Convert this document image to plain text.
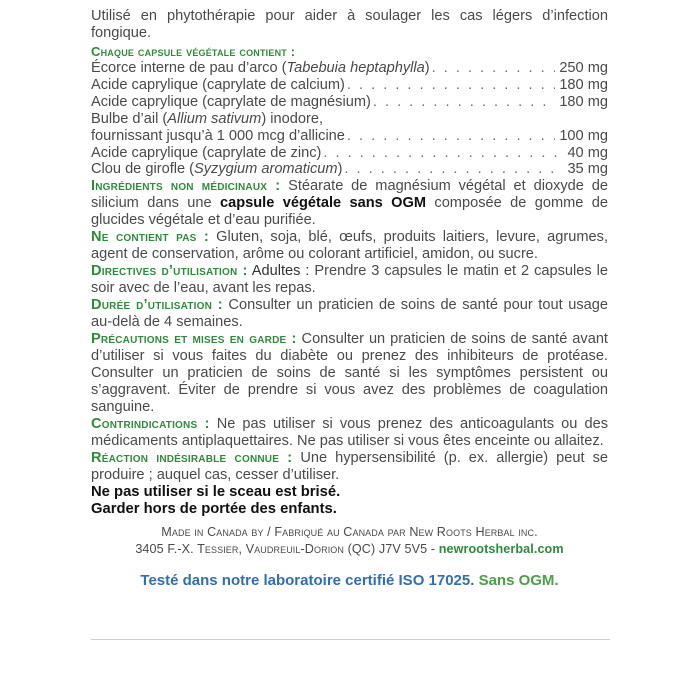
Utilisé en phytothérapie pour aider à soulager les cas légers d’infection fongique.
Chaque capsule végétale contient :
Écorce interne de pau d’arco (Tabebuia heptaphylla) . . .	250 mg
Acide caprylique (caprylate de calcium) . . .	180 mg
Acide caprylique (caprylate de magnésium) . . .	180 mg
Bulbe d’ail (Allium sativum) inodore,
fournissant jusqu’à 1 000 mcg d’allicine . . .	100 mg
Acide caprylique (caprylate de zinc) . . .	40 mg
Clou de girofle (Syzygium aromaticum) . . .	35 mg
Ingrédients non médicinaux : Stéarate de magnésium végétal et dioxyde de silicium dans une capsule végétale sans OGM composée de gomme de glucides végétale et d’eau purifiée.
Ne contient pas : Gluten, soja, blé, œufs, produits laitiers, levure, agrumes, agent de conservation, arôme ou colorant artificiel, amidon, ou sucre.
Directives d’utilisation : Adultes : Prendre 3 capsules le matin et 2 capsules le soir avec de l’eau, avant les repas.
Durée d’utilisation : Consulter un praticien de soins de santé pour tout usage au-delà de 4 semaines.
Précautions et mises en garde : Consulter un praticien de soins de santé avant d’utiliser si vous faites du diabète ou prenez des inhibiteurs de protéase. Consulter un praticien de soins de santé si les symptômes persistent ou s’aggravent. Éviter de prendre si vous avez des problèmes de coagulation sanguine.
Contrindications : Ne pas utiliser si vous prenez des anticoagulants ou des médicaments antiplaquettaires. Ne pas utiliser si vous êtes enceinte ou allaitez.
Réaction indésirable connue : Une hypersensibilité (p. ex. allergie) peut se produire ; auquel cas, cesser d’utiliser.
Ne pas utiliser si le sceau est brisé.
Garder hors de portée des enfants.
Made in Canada by / Fabriqué au Canada par New Roots Herbal inc.
3405 F.-X. Tessier, Vaudreuil-Dorion (QC) J7V 5V5 - newrootsherbal.com
Testé dans notre laboratoire certifié ISO 17025. Sans OGM.
